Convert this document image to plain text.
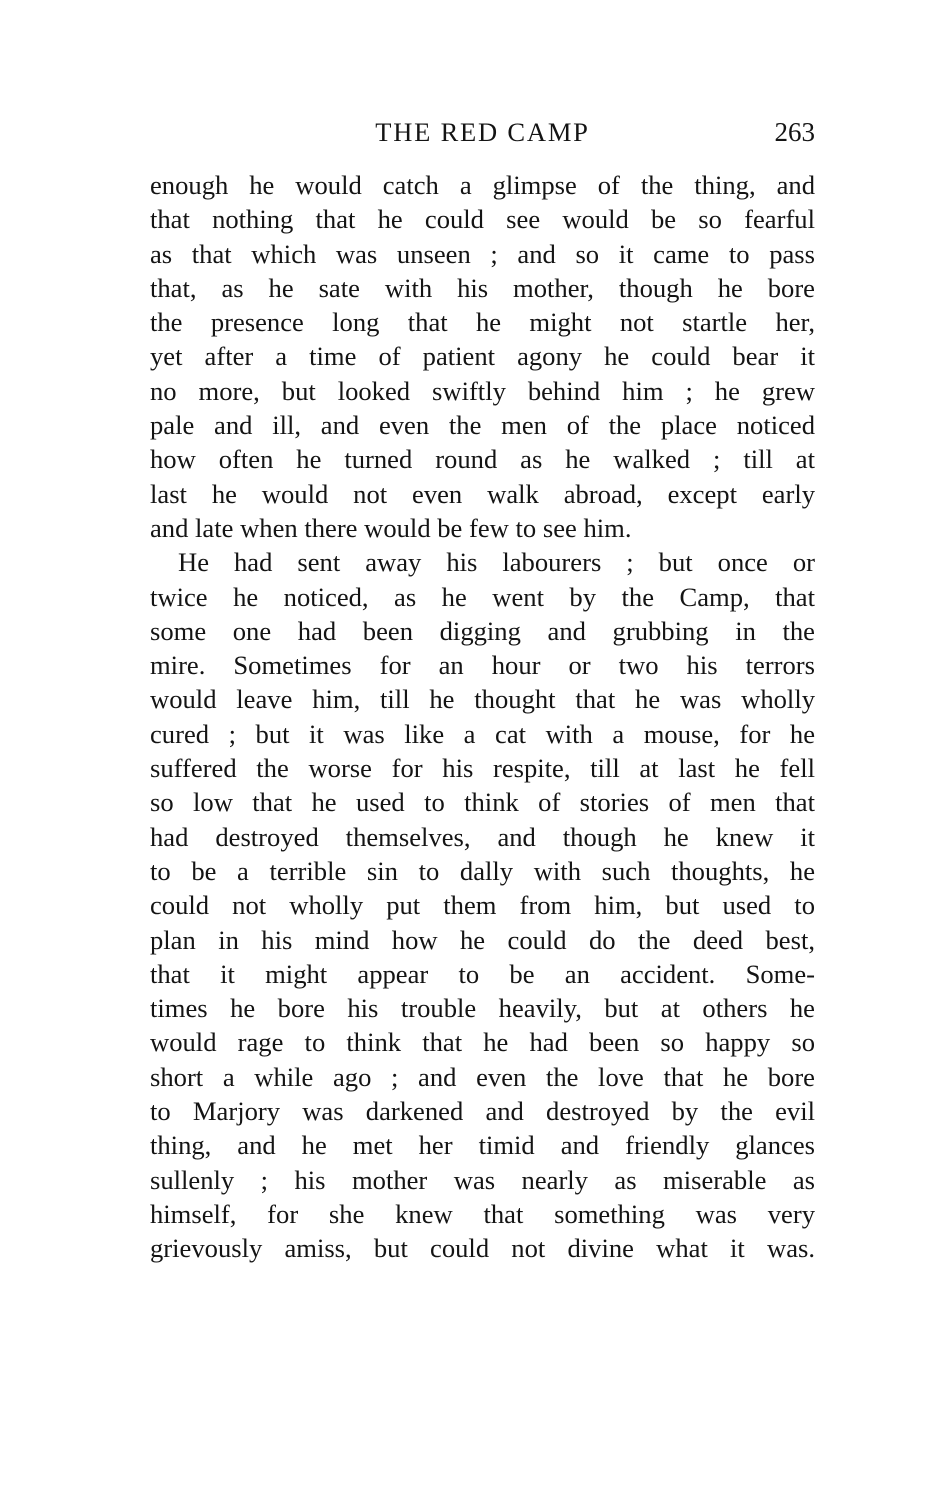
THE RED CAMP	263
enough he would catch a glimpse of the thing, and
that nothing that he could see would be so fearful
as that which was unseen ; and so it came to pass
that, as he sate with his mother, though he bore
the presence long that he might not startle her,
yet after a time of patient agony he could bear it
no more, but looked swiftly behind him ; he grew
pale and ill, and even the men of the place noticed
how often he turned round as he walked ; till at
last he would not even walk abroad, except early
and late when there would be few to see him.
He had sent away his labourers ; but once or
twice he noticed, as he went by the Camp, that
some one had been digging and grubbing in the
mire. Sometimes for an hour or two his terrors
would leave him, till he thought that he was wholly
cured ; but it was like a cat with a mouse, for he
suffered the worse for his respite, till at last he fell
so low that he used to think of stories of men that
had destroyed themselves, and though he knew it
to be a terrible sin to dally with such thoughts, he
could not wholly put them from him, but used to
plan in his mind how he could do the deed best,
that it might appear to be an accident. Some-
times he bore his trouble heavily, but at others he
would rage to think that he had been so happy so
short a while ago ; and even the love that he bore
to Marjory was darkened and destroyed by the evil
thing, and he met her timid and friendly glances
sullenly ; his mother was nearly as miserable as
himself, for she knew that something was very
grievously amiss, but could not divine what it was.
